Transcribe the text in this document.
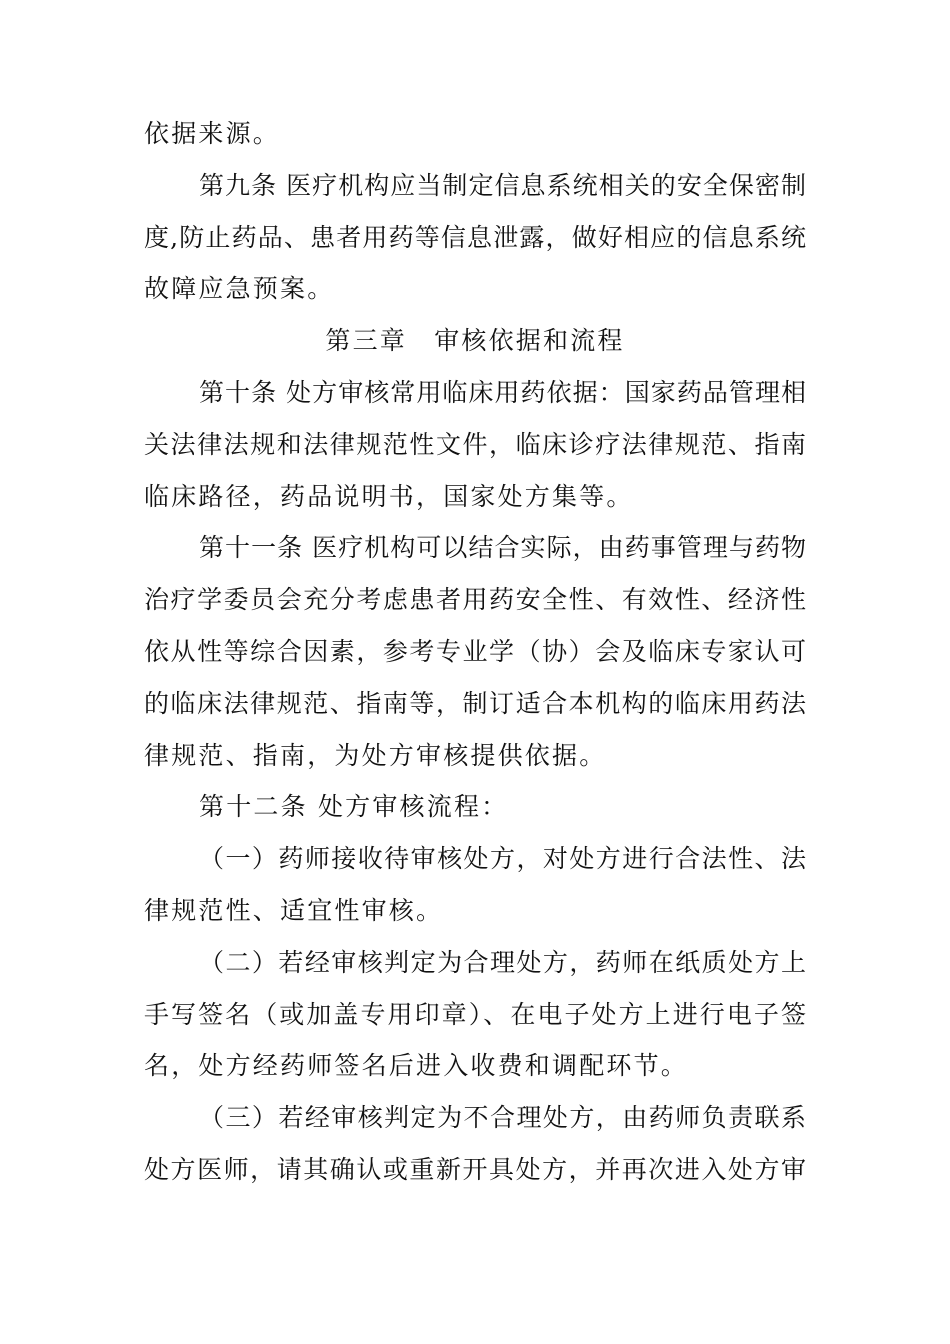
依据来源。
第九条 医疗机构应当制定信息系统相关的安全保密制
度,防止药品、患者用药等信息泄露，做好相应的信息系统
故障应急预案。
第三章　审核依据和流程
第十条 处方审核常用临床用药依据：国家药品管理相
关法律法规和法律规范性文件，临床诊疗法律规范、指南
临床路径，药品说明书，国家处方集等。
第十一条 医疗机构可以结合实际，由药事管理与药物
治疗学委员会充分考虑患者用药安全性、有效性、经济性
依从性等综合因素，参考专业学（协）会及临床专家认可
的临床法律规范、指南等，制订适合本机构的临床用药法
律规范、指南，为处方审核提供依据。
第十二条 处方审核流程：
（一）药师接收待审核处方，对处方进行合法性、法
律规范性、适宜性审核。
（二）若经审核判定为合理处方，药师在纸质处方上
手写签名（或加盖专用印章）、在电子处方上进行电子签
名，处方经药师签名后进入收费和调配环节。
（三）若经审核判定为不合理处方，由药师负责联系
处方医师，请其确认或重新开具处方，并再次进入处方审
